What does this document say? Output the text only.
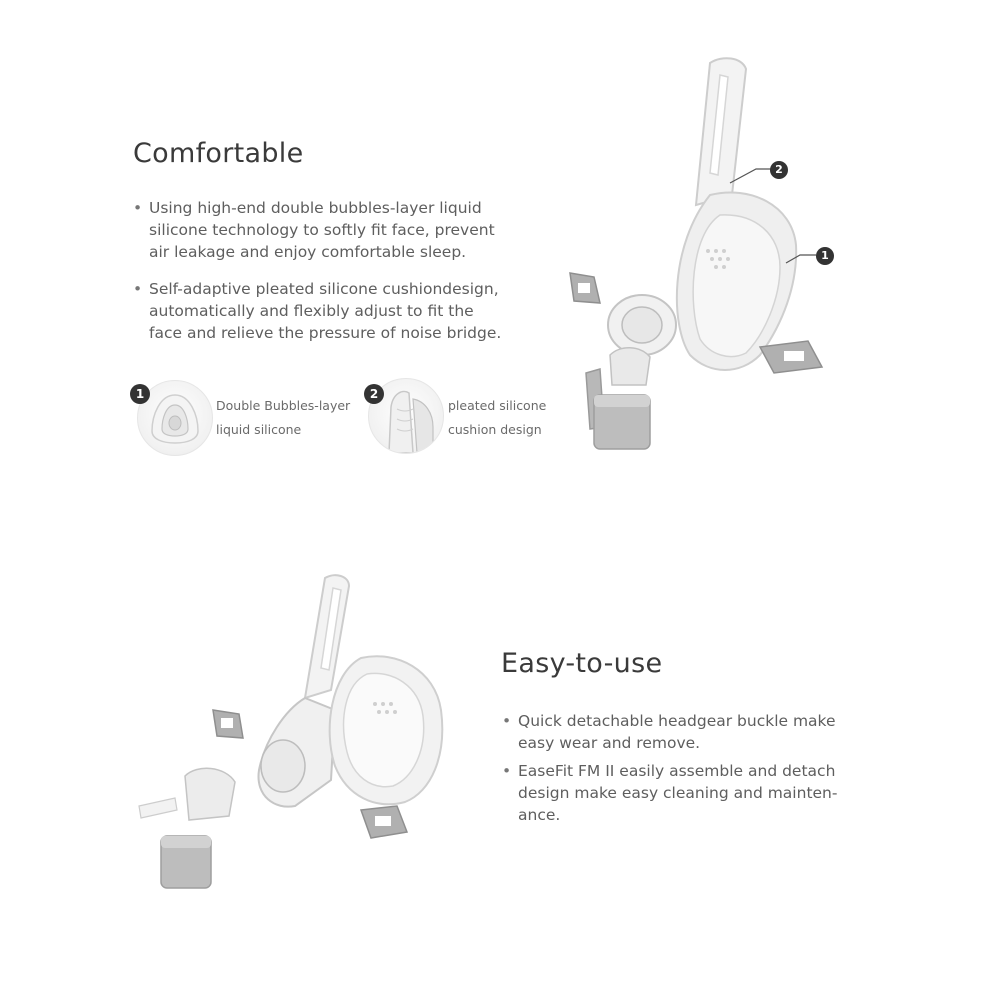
Comfortable
• Using high-end double bubbles-layer liquid silicone technology to softly fit face, prevent air leakage and enjoy comfortable sleep.
• Self-adaptive pleated silicone cushiondesign, automatically and flexibly adjust to fit the face and relieve the pressure of noise bridge.
1
Double Bubbles-layer
liquid silicone
2
pleated silicone
cushion design
2
1
Easy-to-use
• Quick detachable headgear buckle make easy wear and remove.
• EaseFit FM II easily assemble and detach design make easy cleaning and mainten-ance.
